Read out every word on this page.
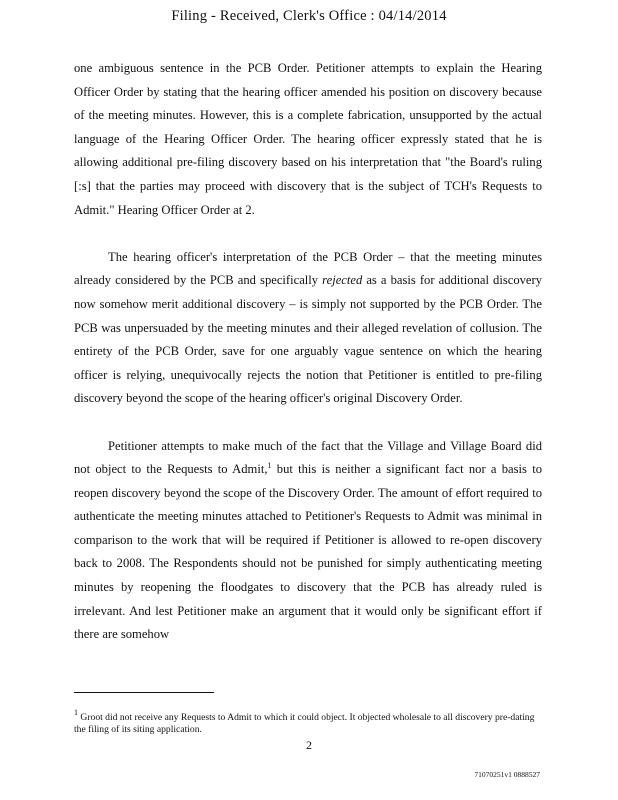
Filing - Received, Clerk's Office : 04/14/2014

one ambiguous sentence in the PCB Order. Petitioner attempts to explain the Hearing Officer Order by stating that the hearing officer amended his position on discovery because of the meeting minutes. However, this is a complete fabrication, unsupported by the actual language of the Hearing Officer Order. The hearing officer expressly stated that he is allowing additional pre-filing discovery based on his interpretation that "the Board's ruling [:s] that the parties may proceed with discovery that is the subject of TCH's Requests to Admit." Hearing Officer Order at 2.

The hearing officer's interpretation of the PCB Order – that the meeting minutes already considered by the PCB and specifically rejected as a basis for additional discovery now somehow merit additional discovery – is simply not supported by the PCB Order. The PCB was unpersuaded by the meeting minutes and their alleged revelation of collusion. The entirety of the PCB Order, save for one arguably vague sentence on which the hearing officer is relying, unequivocally rejects the notion that Petitioner is entitled to pre-filing discovery beyond the scope of the hearing officer's original Discovery Order.

Petitioner attempts to make much of the fact that the Village and Village Board did not object to the Requests to Admit,$^1$ but this is neither a significant fact nor a basis to reopen discovery beyond the scope of the Discovery Order. The amount of effort required to authenticate the meeting minutes attached to Petitioner's Requests to Admit was minimal in comparison to the work that will be required if Petitioner is allowed to re-open discovery back to 2008. The Respondents should not be punished for simply authenticating meeting minutes by reopening the floodgates to discovery that the PCB has already ruled is irrelevant. And lest Petitioner make an argument that it would only be significant effort if there are somehow

$^1$ Groot did not receive any Requests to Admit to which it could object. It objected wholesale to all discovery pre-dating the filing of its siting application.
2
71070251v1 0888527
